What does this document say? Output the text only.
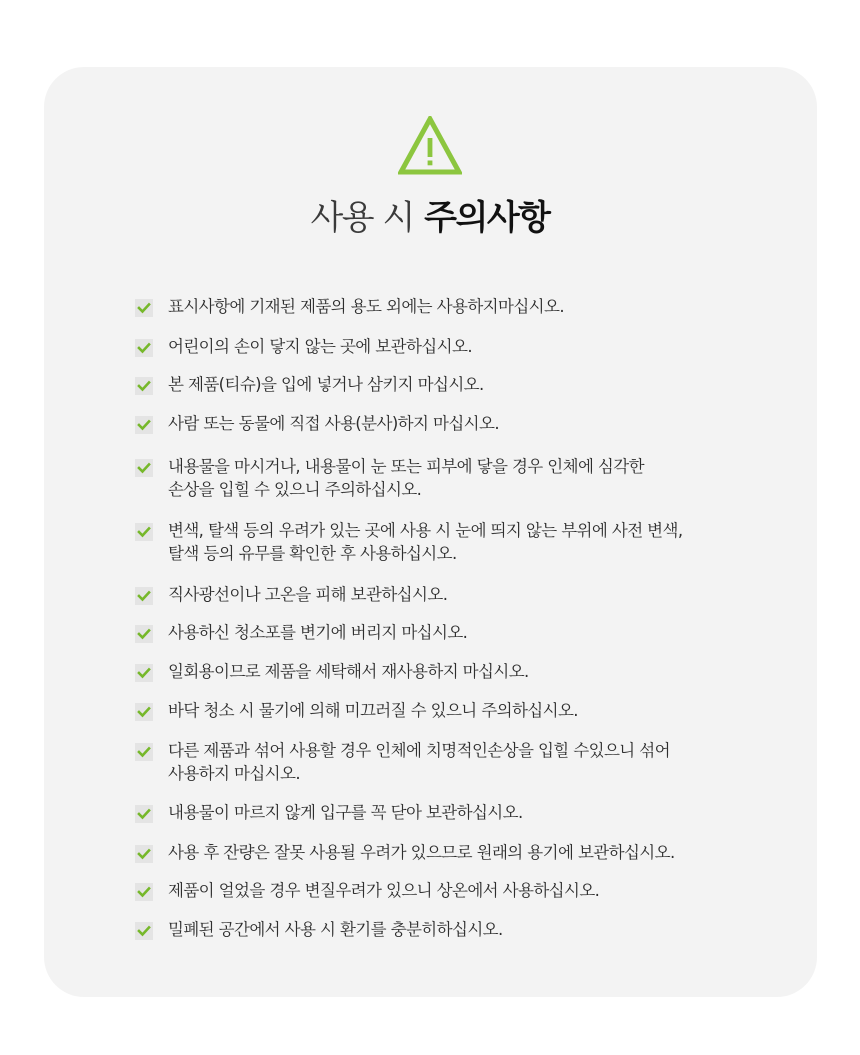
사용 시 주의사항
표시사항에 기재된 제품의 용도 외에는 사용하지마십시오.
어린이의 손이 닿지 않는 곳에 보관하십시오.
본 제품(티슈)을 입에 넣거나 삼키지 마십시오.
사람 또는 동물에 직접 사용(분사)하지 마십시오.
내용물을 마시거나, 내용물이 눈 또는 피부에 닿을 경우 인체에 심각한
손상을 입힐 수 있으니 주의하십시오.
변색, 탈색 등의 우려가 있는 곳에 사용 시 눈에 띄지 않는 부위에 사전 변색,
탈색 등의 유무를 확인한 후 사용하십시오.
직사광선이나 고온을 피해 보관하십시오.
사용하신 청소포를 변기에 버리지 마십시오.
일회용이므로 제품을 세탁해서 재사용하지 마십시오.
바닥 청소 시 물기에 의해 미끄러질 수 있으니 주의하십시오.
다른 제품과 섞어 사용할 경우 인체에 치명적인손상을 입힐 수있으니 섞어
사용하지 마십시오.
내용물이 마르지 않게 입구를 꼭 닫아 보관하십시오.
사용 후 잔량은 잘못 사용될 우려가 있으므로 원래의 용기에 보관하십시오.
제품이 얼었을 경우 변질우려가 있으니 상온에서 사용하십시오.
밀폐된 공간에서 사용 시 환기를 충분히하십시오.
